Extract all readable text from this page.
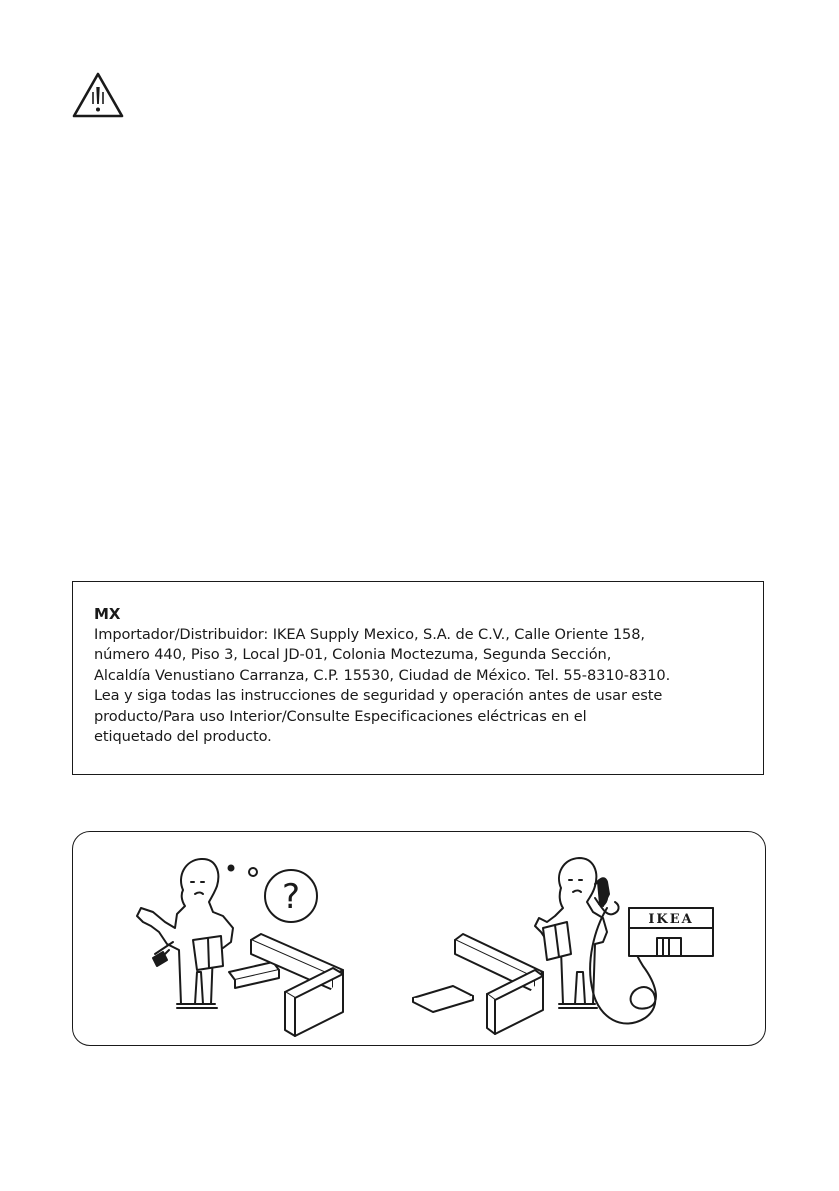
MX

Importador/Distribuidor: IKEA Supply Mexico, S.A. de C.V., Calle Oriente 158,
número 440, Piso 3, Local JD-01, Colonia Moctezuma, Segunda Sección,
Alcaldía Venustiano Carranza, C.P. 15530, Ciudad de México. Tel. 55-8310-8310.
Lea y siga todas las instrucciones de seguridad y operación antes de usar este
producto/Para uso Interior/Consulte Especificaciones eléctricas en el
etiquetado del producto.

?
IKEA
